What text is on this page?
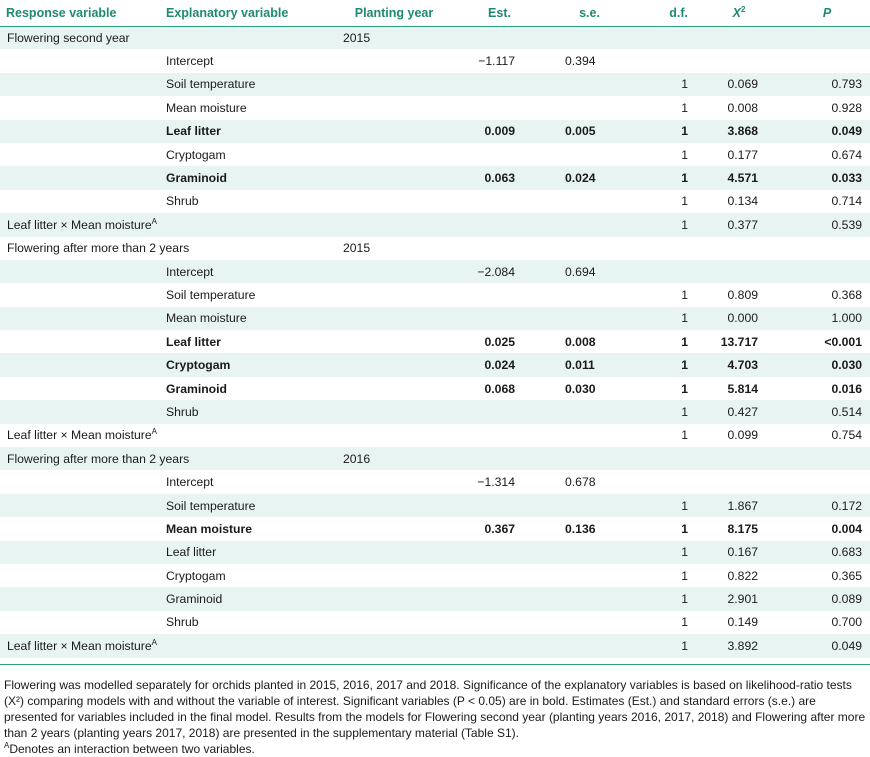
Response variable	Explanatory variable	Planting year	Est.	s.e.	d.f.	$X^2$	P
Flowering second year		2015					
	Intercept		−1.117	0.394			
	Soil temperature				1	0.069	0.793
	Mean moisture				1	0.008	0.928
	Leaf litter		0.009	0.005	1	3.868	0.049
	Cryptogam				1	0.177	0.674
	Graminoid		0.063	0.024	1	4.571	0.033
	Shrub				1	0.134	0.714
Leaf litter × Mean moisture$^A$					1	0.377	0.539
Flowering after more than 2 years		2015					
	Intercept		−2.084	0.694			
	Soil temperature				1	0.809	0.368
	Mean moisture				1	0.000	1.000
	Leaf litter		0.025	0.008	1	13.717	<0.001
	Cryptogam		0.024	0.011	1	4.703	0.030
	Graminoid		0.068	0.030	1	5.814	0.016
	Shrub				1	0.427	0.514
Leaf litter × Mean moisture$^A$					1	0.099	0.754
Flowering after more than 2 years		2016					
	Intercept		−1.314	0.678			
	Soil temperature				1	1.867	0.172
	Mean moisture		0.367	0.136	1	8.175	0.004
	Leaf litter				1	0.167	0.683
	Cryptogam				1	0.822	0.365
	Graminoid				1	2.901	0.089
	Shrub				1	0.149	0.700
Leaf litter × Mean moisture$^A$					1	3.892	0.049

Flowering was modelled separately for orchids planted in 2015, 2016, 2017 and 2018. Significance of the explanatory variables is based on likelihood-ratio tests (X²) comparing models with and without the variable of interest. Significant variables (P < 0.05) are in bold. Estimates (Est.) and standard errors (s.e.) are presented for variables included in the final model. Results from the models for Flowering second year (planting years 2016, 2017, 2018) and Flowering after more than 2 years (planting years 2017, 2018) are presented in the supplementary material (Table S1).

$^A$Denotes an interaction between two variables.
